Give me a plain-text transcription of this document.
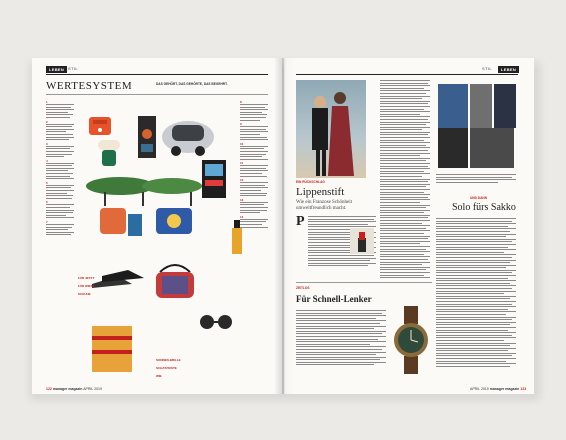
LEBEN STIL
WERTESYSTEM	DAS GEHÖRT, DAS GEHÖRTE, DAS BEGEHRT.
1
2
3
4
5
6
7
8
9
10
11
12
13
14
FÜR JETZT
FÜR WIESE
SCHUHE
SONNEN-BRILLE
SCHATZKISTE
WIE
122 manager magazin APRIL 2019
STIL	LEBEN
EIN RÜCKSCHLAG
Lippenstift
Wie ein Franzose Schönheit umweltfreundlich macht.
P
UND DANN
Solo fürs Sakko
ZEITLOS
Für Schnell-Lenker
APRIL 2019 manager magazin 123
